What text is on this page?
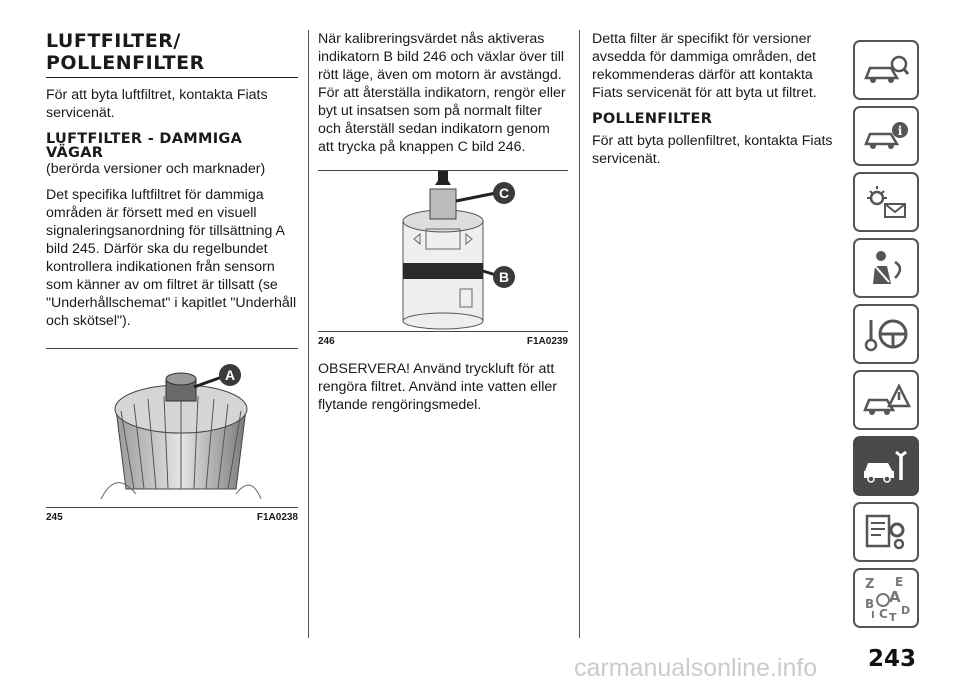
LUFTFILTER/
POLLENFILTER

För att byta luftfiltret, kontakta Fiats servicenät.

LUFTFILTER - DAMMIGA
VÄGAR

(berörda versioner och marknader)

Det specifika luftfiltret för dammiga områden är försett med en visuell signaleringsanordning för tillsättning A bild 245. Därför ska du regelbundet kontrollera indikationen från sensorn som känner av om filtret är tillsatt (se "Underhållschemat" i kapitlet "Underhåll och skötsel").

A
245	F1A0238

När kalibreringsvärdet nås aktiveras indikatorn B bild 246 och växlar över till rött läge, även om motorn är avstängd. För att återställa indikatorn, rengör eller byt ut insatsen som på normalt filter och återställ sedan indikatorn genom att trycka på knappen C bild 246.

C
B
246	F1A0239

OBSERVERA! Använd tryckluft för att rengöra filtret. Använd inte vatten eller flytande rengöringsmedel.

Detta filter är specifikt för versioner avsedda för dammiga områden, det rekommenderas därför att kontakta Fiats servicenät för att byta ut filtret.

POLLENFILTER

För att byta pollenfiltret, kontakta Fiats servicenät.

i
Z E
A
B
C D
I T
carmanualsonline.info 243
